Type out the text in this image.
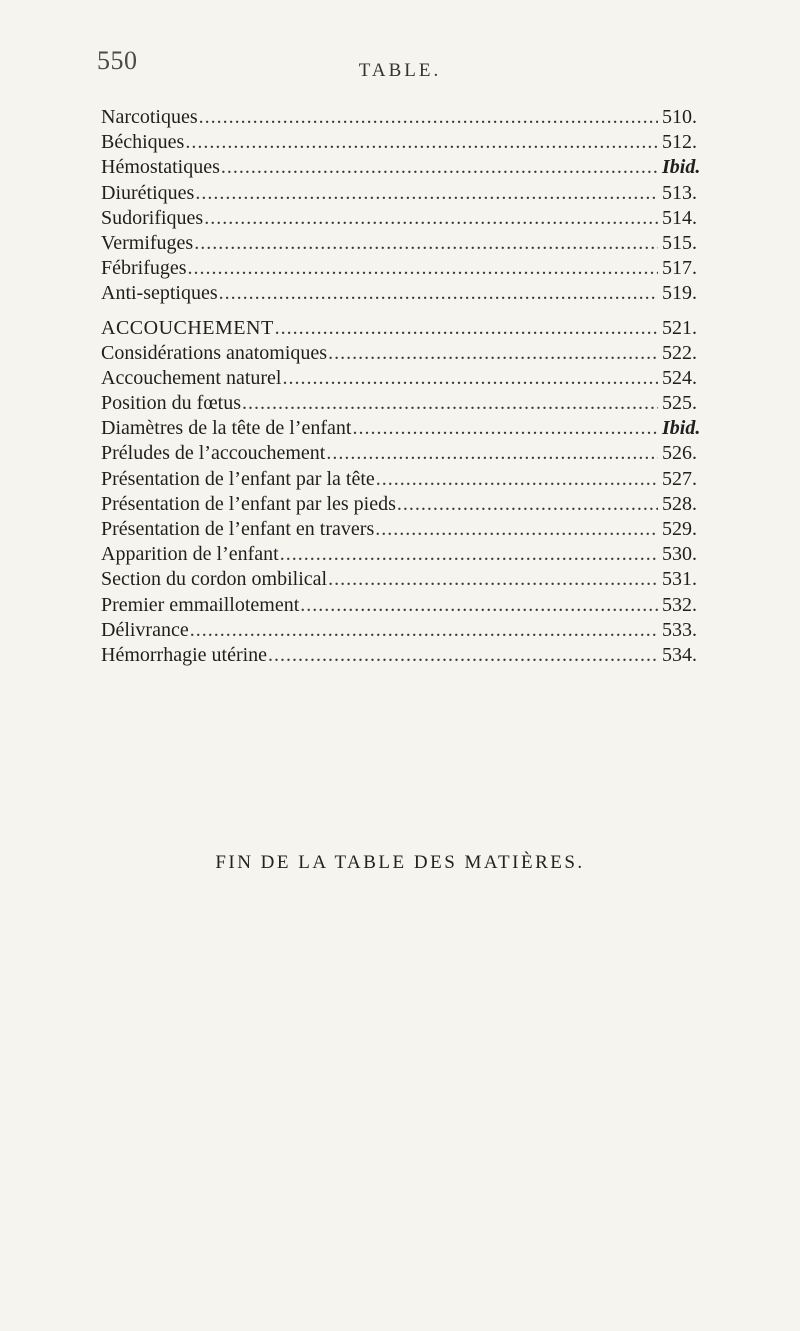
550	TABLE.
Narcotiques .....	510.
Béchiques .....	512.
Hémostatiques .....	Ibid.
Diurétiques .....	513.
Sudorifiques .....	514.
Vermifuges .....	515.
Fébrifuges .....	517.
Anti-septiques .....	519.
ACCOUCHEMENT .....	521.
Considérations anatomiques .....	522.
Accouchement naturel .....	524.
Position du fœtus .....	525.
Diamètres de la tête de l’enfant .....	Ibid.
Préludes de l’accouchement .....	526.
Présentation de l’enfant par la tête .....	527.
Présentation de l’enfant par les pieds .....	528.
Présentation de l’enfant en travers .....	529.
Apparition de l’enfant .....	530.
Section du cordon ombilical .....	531.
Premier emmaillotement .....	532.
Délivrance .....	533.
Hémorrhagie utérine .....	534.
FIN DE LA TABLE DES MATIÈRES.
